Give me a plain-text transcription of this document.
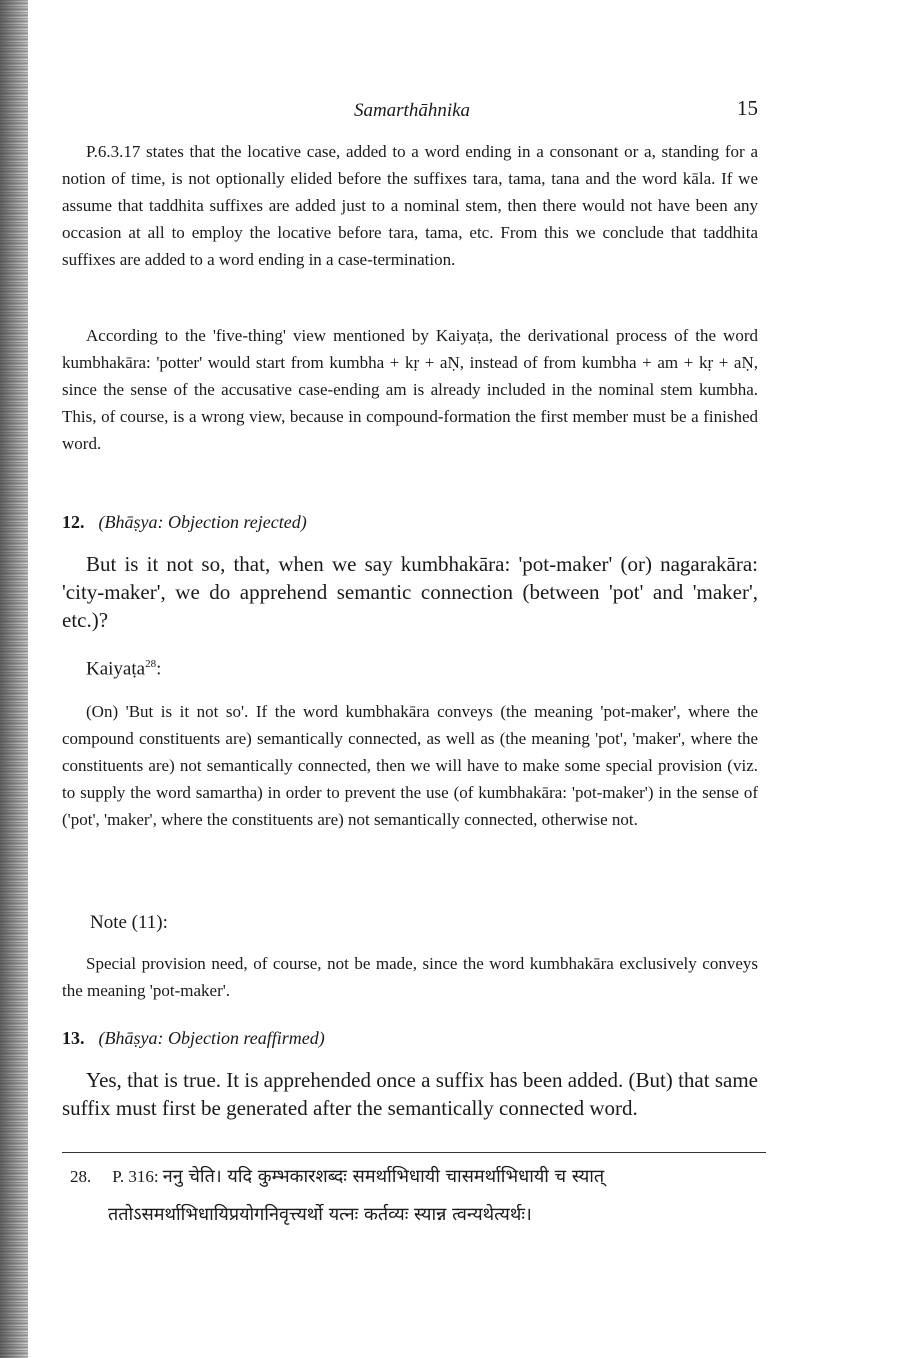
Samarthāhnika	15

P.6.3.17 states that the locative case, added to a word ending in a consonant or a, standing for a notion of time, is not optionally elided before the suffixes tara, tama, tana and the word kāla. If we assume that taddhita suffixes are added just to a nominal stem, then there would not have been any occasion at all to employ the locative before tara, tama, etc. From this we conclude that taddhita suffixes are added to a word ending in a case-termination.

According to the 'five-thing' view mentioned by Kaiyaṭa, the derivational process of the word kumbhakāra: 'potter' would start from kumbha + kṛ + aṆ, instead of from kumbha + am + kṛ + aṆ, since the sense of the accusative case-ending am is already included in the nominal stem kumbha. This, of course, is a wrong view, because in compound-formation the first member must be a finished word.

12. (Bhāṣya: Objection rejected)

But is it not so, that, when we say kumbhakāra: 'pot-maker' (or) nagarakāra: 'city-maker', we do apprehend semantic connection (between 'pot' and 'maker', etc.)?

Kaiyaṭa$^{28}$:

(On) 'But is it not so'. If the word kumbhakāra conveys (the meaning 'pot-maker', where the compound constituents are) semantically connected, as well as (the meaning 'pot', 'maker', where the constituents are) not semantically connected, then we will have to make some special provision (viz. to supply the word samartha) in order to prevent the use (of kumbhakāra: 'pot-maker') in the sense of ('pot', 'maker', where the constituents are) not semantically connected, otherwise not.

Note (11):

Special provision need, of course, not be made, since the word kumbhakāra exclusively conveys the meaning 'pot-maker'.

13. (Bhāṣya: Objection reaffirmed)

Yes, that is true. It is apprehended once a suffix has been added. (But) that same suffix must first be generated after the semantically connected word.

28. P. 316: ननु चेति। यदि कुम्भकारशब्दः समर्थाभिधायी चासमर्थाभिधायी च स्यात्
ततोऽसमर्थाभिधायिप्रयोगनिवृत्त्यर्थो यत्नः कर्तव्यः स्यान्न त्वन्यथेत्यर्थः।
